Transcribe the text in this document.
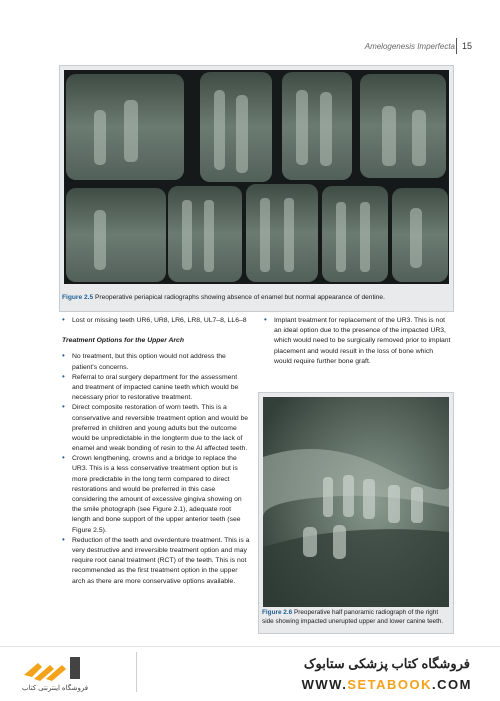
Amelogenesis Imperfecta 15
Figure 2.5 Preoperative periapical radiographs showing absence of enamel but normal appearance of dentine.

• Lost or missing teeth UR6, UR8, LR6, LR8, UL7–8, LL6–8

Treatment Options for the Upper Arch

• No treatment, but this option would not address the patient's concerns.

• Referral to oral surgery department for the assessment and treatment of impacted canine teeth which would be necessary prior to restorative treatment.

• Direct composite restoration of worn teeth. This is a conservative and reversible treatment option and would be preferred in children and young adults but the outcome would be unpredictable in the longterm due to the lack of enamel and weak bonding of resin to the AI affected teeth.

• Crown lengthening, crowns and a bridge to replace the UR3. This is a less conservative treatment option but is more predictable in the long term compared to direct restorations and would be preferred in this case considering the amount of excessive gingiva showing on the smile photograph (see Figure 2.1), adequate root length and bone support of the upper anterior teeth (see Figure 2.5).

• Reduction of the teeth and overdenture treatment. This is a very destructive and irreversible treatment option and may require root canal treatment (RCT) of the teeth. This is not recommended as the first treatment option in the upper arch as there are more conservative options available.

• Implant treatment for replacement of the UR3. This is not an ideal option due to the presence of the impacted UR3, which would need to be surgically removed prior to implant placement and would result in the loss of bone which would require further bone graft.

Figure 2.6 Preoperative half panoramic radiograph of the right side showing impacted unerupted upper and lower canine teeth.
فروشگاه اینترنتی کتاب
فروشگاه کتاب پزشکی ستابوک
WWW.SETABOOK.COM
